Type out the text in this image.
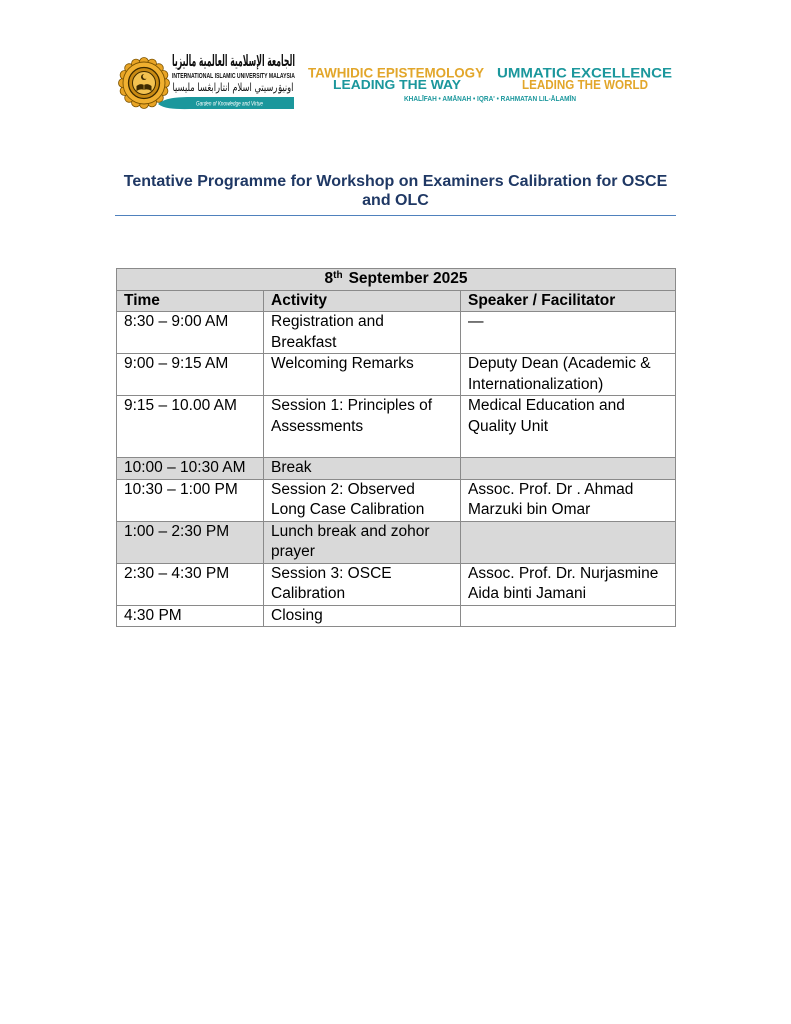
الجامعة الإسلامية العالمية ماليزيا
INTERNATIONAL ISLAMIC UNIVERSITY MALAYSIA
اونيۏرسيتي اسلام انتارابڠسا مليسيا
Garden of Knowledge and Virtue
TAWHIDIC EPISTEMOLOGY
LEADING THE WAY
UMMATIC EXCELLENCE
LEADING THE WORLD
KHALĪFAH • AMĀNAH • IQRA' • RAHMATAN LIL-ĀLAMĪN
Tentative Programme for Workshop on Examiners Calibration for OSCE and OLC
8th September 2025		
Time	Activity	Speaker / Facilitator
8:30 – 9:00 AM	Registration and Breakfast	—
9:00 – 9:15 AM	Welcoming Remarks	Deputy Dean (Academic & Internationalization)
9:15 – 10.00 AM	Session 1: Principles of Assessments	Medical Education and Quality Unit
10:00 – 10:30 AM	Break	
10:30 – 1:00 PM	Session 2: Observed Long Case Calibration	Assoc. Prof. Dr . Ahmad Marzuki bin Omar
1:00 – 2:30 PM	Lunch break and zohor prayer	
2:30 – 4:30 PM	Session 3: OSCE Calibration	Assoc. Prof. Dr. Nurjasmine Aida binti Jamani
4:30 PM	Closing	
